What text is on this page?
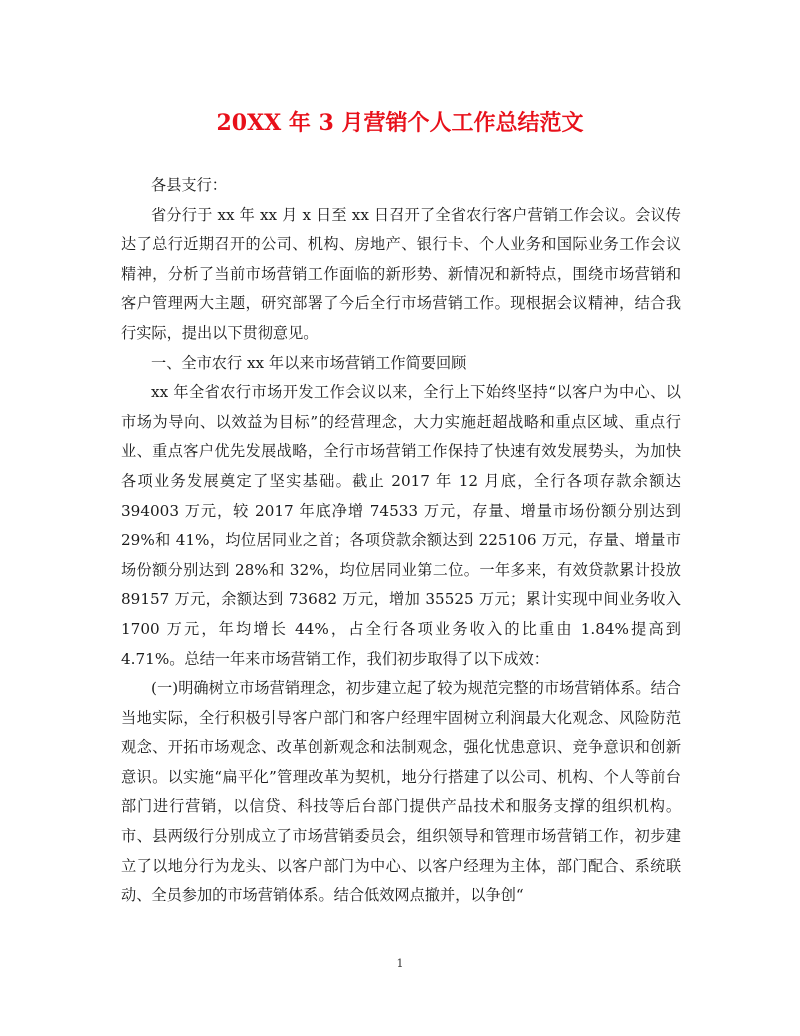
20XX 年 3 月营销个人工作总结范文

各县支行：

省分行于 xx 年 xx 月 x 日至 xx 日召开了全省农行客户营销工作会议。会议传达了总行近期召开的公司、机构、房地产、银行卡、个人业务和国际业务工作会议精神，分析了当前市场营销工作面临的新形势、新情况和新特点，围绕市场营销和客户管理两大主题，研究部署了今后全行市场营销工作。现根据会议精神，结合我行实际，提出以下贯彻意见。

一、全市农行 xx 年以来市场营销工作简要回顾

xx 年全省农行市场开发工作会议以来，全行上下始终坚持“以客户为中心、以市场为导向、以效益为目标”的经营理念，大力实施赶超战略和重点区域、重点行业、重点客户优先发展战略，全行市场营销工作保持了快速有效发展势头，为加快各项业务发展奠定了坚实基础。截止 2017 年 12 月底，全行各项存款余额达 394003 万元，较 2017 年底净增 74533 万元，存量、增量市场份额分别达到 29%和 41%，均位居同业之首；各项贷款余额达到 225106 万元，存量、增量市场份额分别达到 28%和 32%，均位居同业第二位。一年多来，有效贷款累计投放 89157 万元，余额达到 73682 万元，增加 35525 万元；累计实现中间业务收入 1700 万元，年均增长 44%，占全行各项业务收入的比重由 1.84%提高到 4.71%。总结一年来市场营销工作，我们初步取得了以下成效：

(一)明确树立市场营销理念，初步建立起了较为规范完整的市场营销体系。结合当地实际，全行积极引导客户部门和客户经理牢固树立利润最大化观念、风险防范观念、开拓市场观念、改革创新观念和法制观念，强化忧患意识、竞争意识和创新意识。以实施“扁平化”管理改革为契机，地分行搭建了以公司、机构、个人等前台部门进行营销，以信贷、科技等后台部门提供产品技术和服务支撑的组织机构。市、县两级行分别成立了市场营销委员会，组织领导和管理市场营销工作，初步建立了以地分行为龙头、以客户部门为中心、以客户经理为主体，部门配合、系统联动、全员参加的市场营销体系。结合低效网点撤并，以争创“

1
